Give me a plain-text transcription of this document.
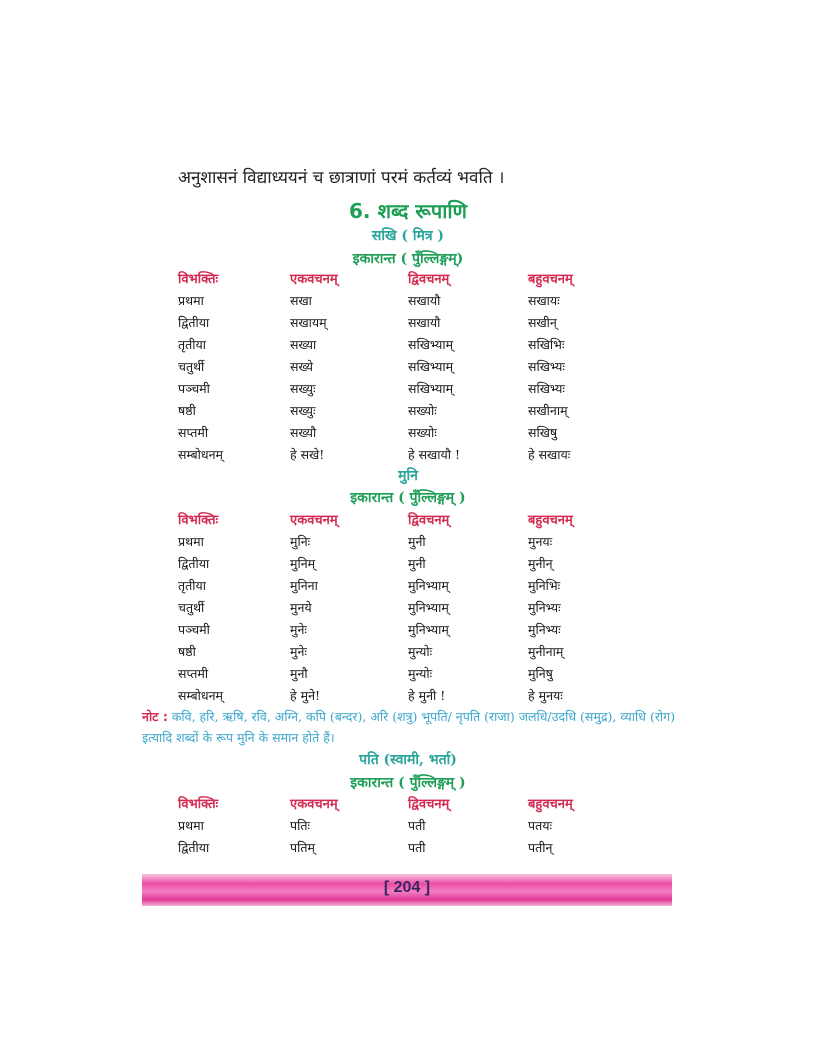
अनुशासनं विद्याध्ययनं च छात्राणां परमं कर्तव्यं भवति ।
6. शब्द रूपाणि
सखि ( मित्र )
इकारान्त ( पुँल्लिङ्गम्)
विभक्तिः	एकवचनम्	द्विवचनम्	बहुवचनम्
प्रथमा	सखा	सखायौ	सखायः
द्वितीया	सखायम्	सखायौ	सखीन्
तृतीया	सख्या	सखिभ्याम्	सखिभिः
चतुर्थी	सख्ये	सखिभ्याम्	सखिभ्यः
पञ्चमी	सख्युः	सखिभ्याम्	सखिभ्यः
षष्ठी	सख्युः	सख्योः	सखीनाम्
सप्तमी	सख्यौ	सख्योः	सखिषु
सम्बोधनम्	हे सखे!	हे सखायौ !	हे सखायः
मुनि
इकारान्त ( पुँल्लिङ्गम् )
विभक्तिः	एकवचनम्	द्विवचनम्	बहुवचनम्
प्रथमा	मुनिः	मुनी	मुनयः
द्वितीया	मुनिम्	मुनी	मुनीन्
तृतीया	मुनिना	मुनिभ्याम्	मुनिभिः
चतुर्थी	मुनये	मुनिभ्याम्	मुनिभ्यः
पञ्चमी	मुनेः	मुनिभ्याम्	मुनिभ्यः
षष्ठी	मुनेः	मुन्योः	मुनीनाम्
सप्तमी	मुनौ	मुन्योः	मुनिषु
सम्बोधनम्	हे मुने!	हे मुनी !	हे मुनयः
नोट : कवि, हरि, ऋषि, रवि, अग्नि, कपि (बन्दर), अरि (शत्रु) भूपति/ नृपति (राजा) जलधि/उदधि (समुद्र), व्याधि (रोग) इत्यादि शब्दों के रूप मुनि के समान होते हैं।
पति (स्वामी, भर्ता)
इकारान्त ( पुँल्लिङ्गम् )
विभक्तिः	एकवचनम्	द्विवचनम्	बहुवचनम्
प्रथमा	पतिः	पती	पतयः
द्वितीया	पतिम्	पती	पतीन्
[ 204 ]
